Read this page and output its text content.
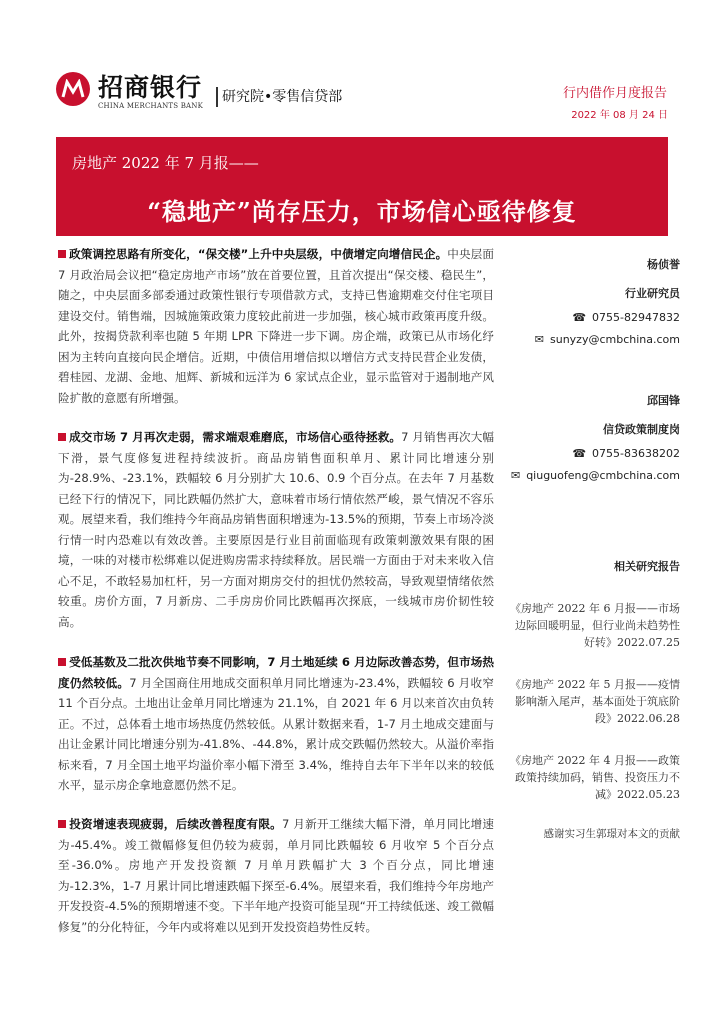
招商银行
CHINA MERCHANTS BANK
研究院•零售信贷部	行内借作月度报告
2022 年 08 月 24 日
房地产 2022 年 7 月报——
“稳地产”尚存压力，市场信心亟待修复
政策调控思路有所变化，“保交楼”上升中央层级，中债增定向增信民企。中央层面 7 月政治局会议把“稳定房地产市场”放在首要位置，且首次提出“保交楼、稳民生”，随之，中央层面多部委通过政策性银行专项借款方式，支持已售逾期难交付住宅项目建设交付。销售端，因城施策政策力度较此前进一步加强，核心城市政策再度升级。此外，按揭贷款利率也随 5 年期 LPR 下降进一步下调。房企端，政策已从市场化纾困为主转向直接向民企增信。近期，中债信用增信拟以增信方式支持民营企业发债，碧桂园、龙湖、金地、旭辉、新城和远洋为 6 家试点企业，显示监管对于遏制地产风险扩散的意愿有所增强。
成交市场 7 月再次走弱，需求端艰难磨底，市场信心亟待拯救。7 月销售再次大幅下滑，景气度修复进程持续波折。商品房销售面积单月、累计同比增速分别为-28.9%、-23.1%，跌幅较 6 月分别扩大 10.6、0.9 个百分点。在去年 7 月基数已经下行的情况下，同比跌幅仍然扩大，意味着市场行情依然严峻，景气情况不容乐观。展望来看，我们维持今年商品房销售面积增速为-13.5%的预期，节奏上市场冷淡行情一时内恐难以有效改善。主要原因是行业目前面临现有政策刺激效果有限的困境，一味的对楼市松绑难以促进购房需求持续释放。居民端一方面由于对未来收入信心不足，不敢轻易加杠杆，另一方面对期房交付的担忧仍然较高，导致观望情绪依然较重。房价方面，7 月新房、二手房房价同比跌幅再次探底，一线城市房价韧性较高。
受低基数及二批次供地节奏不同影响，7 月土地延续 6 月边际改善态势，但市场热度仍然较低。7 月全国商住用地成交面积单月同比增速为-23.4%，跌幅较 6 月收窄 11 个百分点。土地出让金单月同比增速为 21.1%，自 2021 年 6 月以来首次由负转正。不过，总体看土地市场热度仍然较低。从累计数据来看，1-7 月土地成交建面与出让金累计同比增速分别为-41.8%、-44.8%，累计成交跌幅仍然较大。从溢价率指标来看，7 月全国土地平均溢价率小幅下滑至 3.4%，维持自去年下半年以来的较低水平，显示房企拿地意愿仍然不足。
投资增速表现疲弱，后续改善程度有限。7 月新开工继续大幅下滑，单月同比增速为-45.4%。竣工微幅修复但仍较为疲弱，单月同比跌幅较 6 月收窄 5 个百分点至-36.0%。房地产开发投资额 7 月单月跌幅扩大 3 个百分点，同比增速为-12.3%，1-7 月累计同比增速跌幅下探至-6.4%。展望来看，我们维持今年房地产开发投资-4.5%的预期增速不变。下半年地产投资可能呈现“开工持续低迷、竣工微幅修复”的分化特征，今年内或将难以见到开发投资趋势性反转。
杨侦誉
行业研究员
☎ 0755-82947832
✉ sunyzy@cmbchina.com
邱国锋
信贷政策制度岗
☎ 0755-83638202
✉ qiuguofeng@cmbchina.com
相关研究报告
《房地产 2022 年 6 月报——市场边际回暖明显，但行业尚未趋势性好转》2022.07.25
《房地产 2022 年 5 月报——疫情影响渐入尾声，基本面处于筑底阶段》2022.06.28
《房地产 2022 年 4 月报——政策政策持续加码，销售、投资压力不减》2022.05.23
感谢实习生郭璟对本文的贡献
